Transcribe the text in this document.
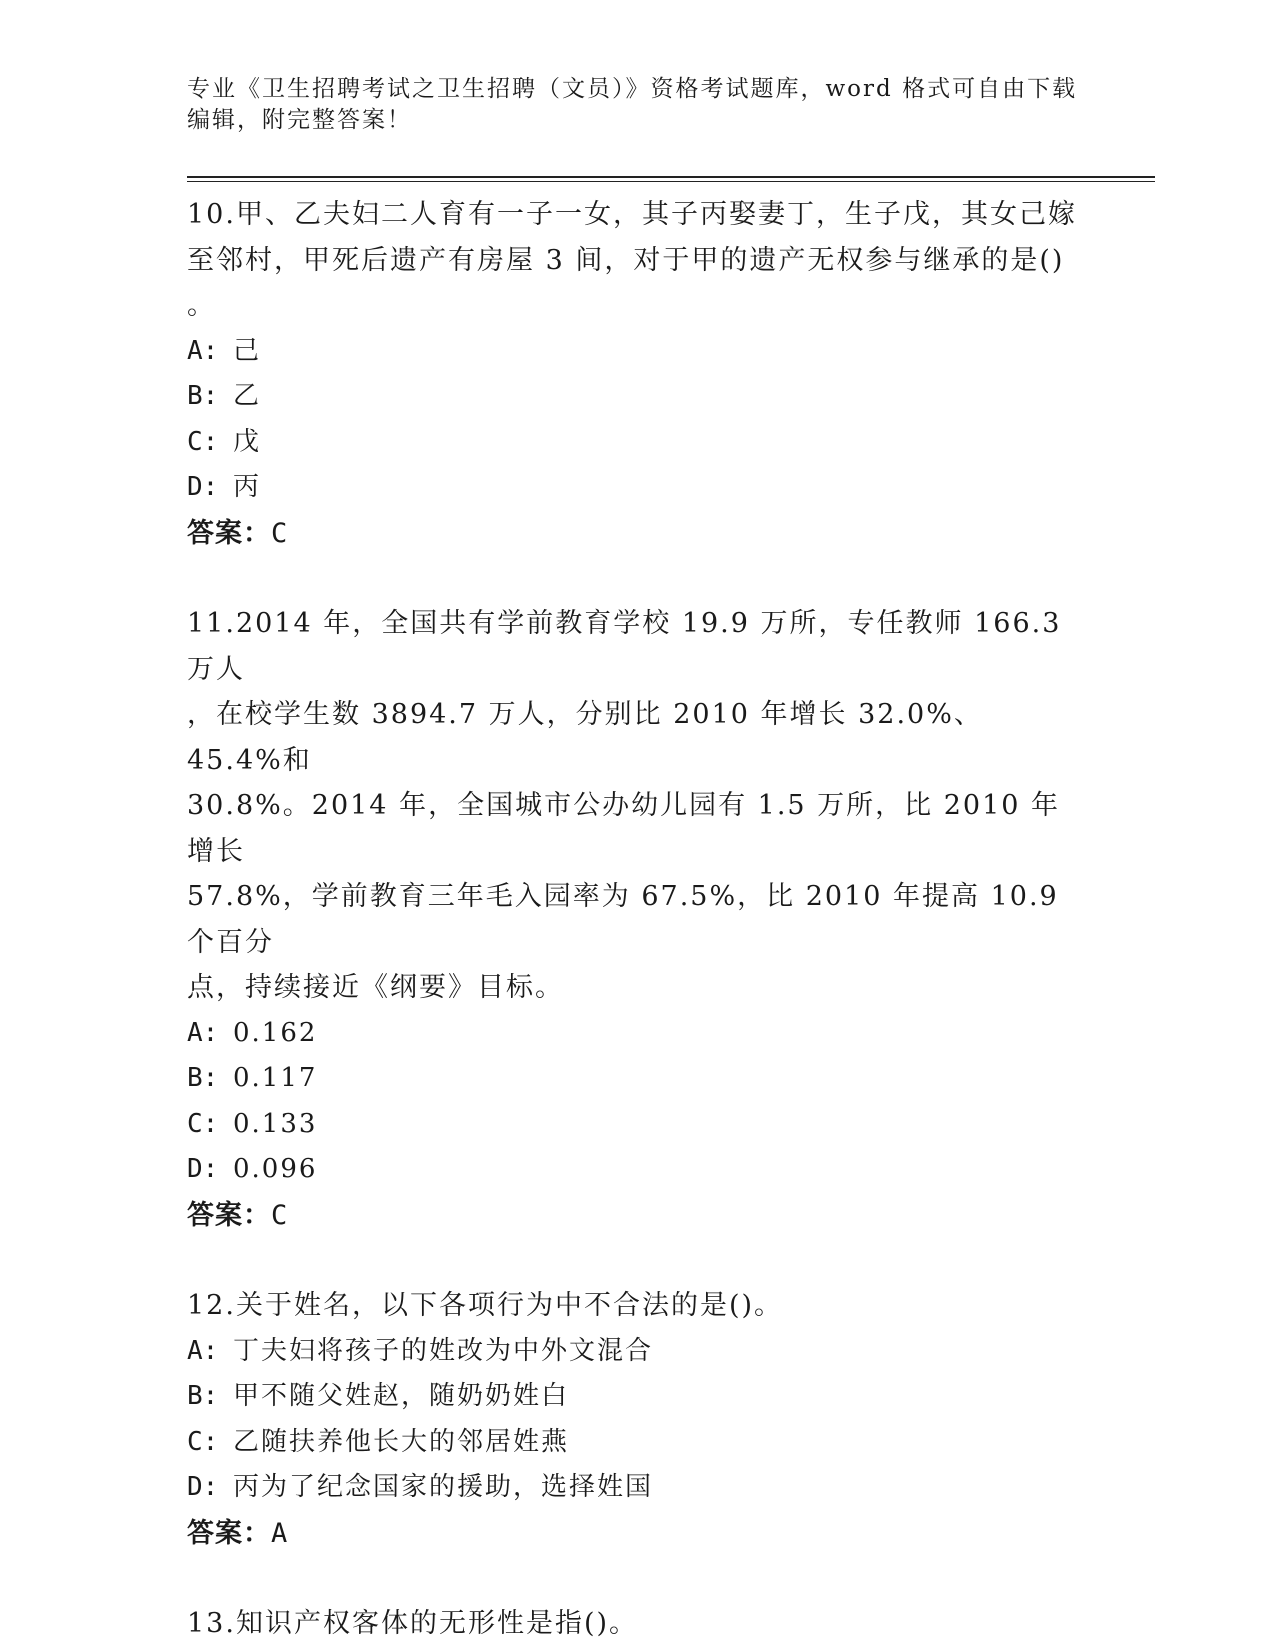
专业《卫生招聘考试之卫生招聘（文员）》资格考试题库，word 格式可自由下载
编辑，附完整答案！

10.甲、乙夫妇二人育有一子一女，其子丙娶妻丁，生子戊，其女己嫁

至邻村，甲死后遗产有房屋 3 间，对于甲的遗产无权参与继承的是()

。

A: 己

B: 乙

C: 戊

D: 丙

答案：C

11.2014 年，全国共有学前教育学校 19.9 万所，专任教师 166.3 万人

，在校学生数 3894.7 万人，分别比 2010 年增长 32.0%、45.4%和

30.8%。2014 年，全国城市公办幼儿园有 1.5 万所，比 2010 年增长

57.8%，学前教育三年毛入园率为 67.5%，比 2010 年提高 10.9 个百分

点，持续接近《纲要》目标。

A: 0.162

B: 0.117

C: 0.133

D: 0.096

答案：C

12.关于姓名，以下各项行为中不合法的是()。

A: 丁夫妇将孩子的姓改为中外文混合

B: 甲不随父姓赵，随奶奶姓白

C: 乙随扶养他长大的邻居姓燕

D: 丙为了纪念国家的援助，选择姓国

答案：A

13.知识产权客体的无形性是指()。
